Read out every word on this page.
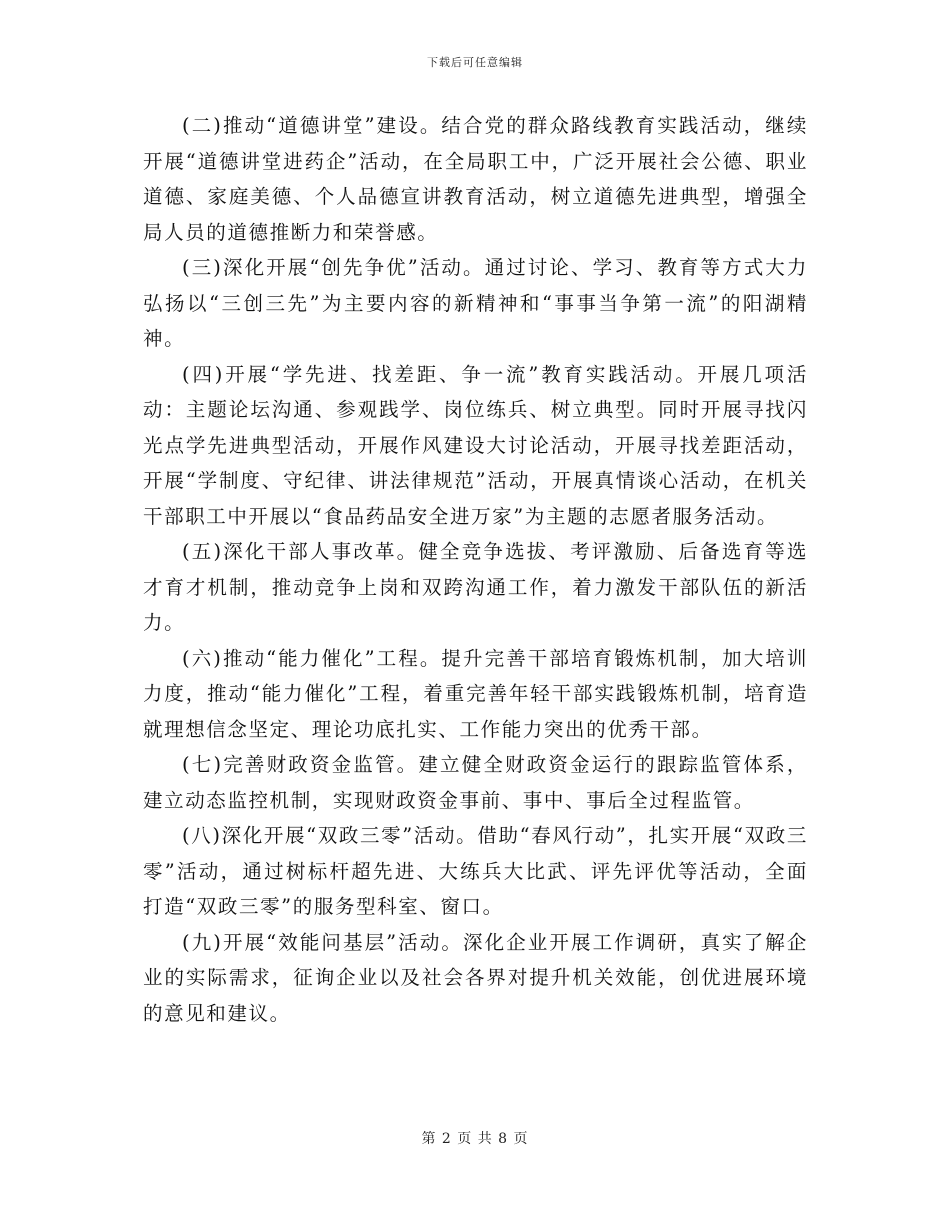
下载后可任意编辑

(二)推动“道德讲堂”建设。结合党的群众路线教育实践活动，继续开展“道德讲堂进药企”活动，在全局职工中，广泛开展社会公德、职业道德、家庭美德、个人品德宣讲教育活动，树立道德先进典型，增强全局人员的道德推断力和荣誉感。

(三)深化开展“创先争优”活动。通过讨论、学习、教育等方式大力弘扬以“三创三先”为主要内容的新精神和“事事当争第一流”的阳湖精神。

(四)开展“学先进、找差距、争一流”教育实践活动。开展几项活动：主题论坛沟通、参观践学、岗位练兵、树立典型。同时开展寻找闪光点学先进典型活动，开展作风建设大讨论活动，开展寻找差距活动，开展“学制度、守纪律、讲法律规范”活动，开展真情谈心活动，在机关干部职工中开展以“食品药品安全进万家”为主题的志愿者服务活动。

(五)深化干部人事改革。健全竞争选拔、考评激励、后备选育等选才育才机制，推动竞争上岗和双跨沟通工作，着力激发干部队伍的新活力。

(六)推动“能力催化”工程。提升完善干部培育锻炼机制，加大培训力度，推动“能力催化”工程，着重完善年轻干部实践锻炼机制，培育造就理想信念坚定、理论功底扎实、工作能力突出的优秀干部。

(七)完善财政资金监管。建立健全财政资金运行的跟踪监管体系，建立动态监控机制，实现财政资金事前、事中、事后全过程监管。

(八)深化开展“双政三零”活动。借助“春风行动”，扎实开展“双政三零”活动，通过树标杆超先进、大练兵大比武、评先评优等活动，全面打造“双政三零”的服务型科室、窗口。

(九)开展“效能问基层”活动。深化企业开展工作调研，真实了解企业的实际需求，征询企业以及社会各界对提升机关效能，创优进展环境的意见和建议。

第 2 页 共 8 页
